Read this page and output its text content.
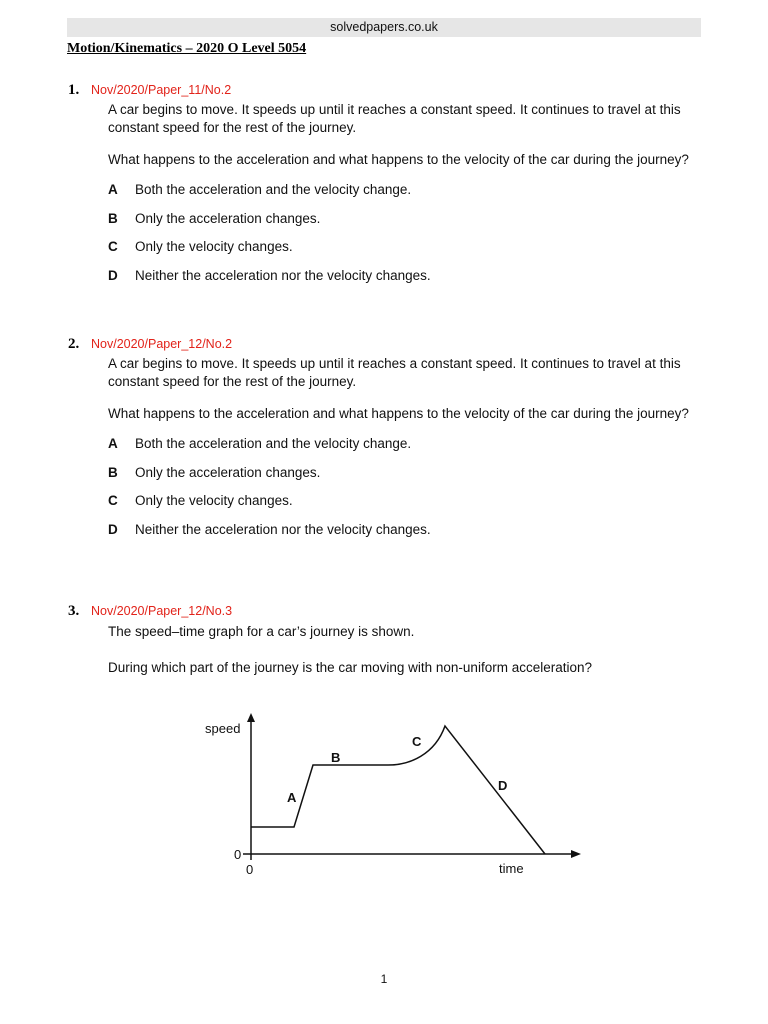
solvedpapers.co.uk
Motion/Kinematics – 2020 O Level 5054
1. Nov/2020/Paper_11/No.2
A car begins to move. It speeds up until it reaches a constant speed. It continues to travel at this
constant speed for the rest of the journey.
What happens to the acceleration and what happens to the velocity of the car during the journey?
A Both the acceleration and the velocity change.
B Only the acceleration changes.
C Only the velocity changes.
D Neither the acceleration nor the velocity changes.
2. Nov/2020/Paper_12/No.2
A car begins to move. It speeds up until it reaches a constant speed. It continues to travel at this
constant speed for the rest of the journey.
What happens to the acceleration and what happens to the velocity of the car during the journey?
A Both the acceleration and the velocity change.
B Only the acceleration changes.
C Only the velocity changes.
D Neither the acceleration nor the velocity changes.
3. Nov/2020/Paper_12/No.3
The speed–time graph for a car’s journey is shown.
During which part of the journey is the car moving with non-uniform acceleration?
speed
time
0
0
A
B
C
D
1
